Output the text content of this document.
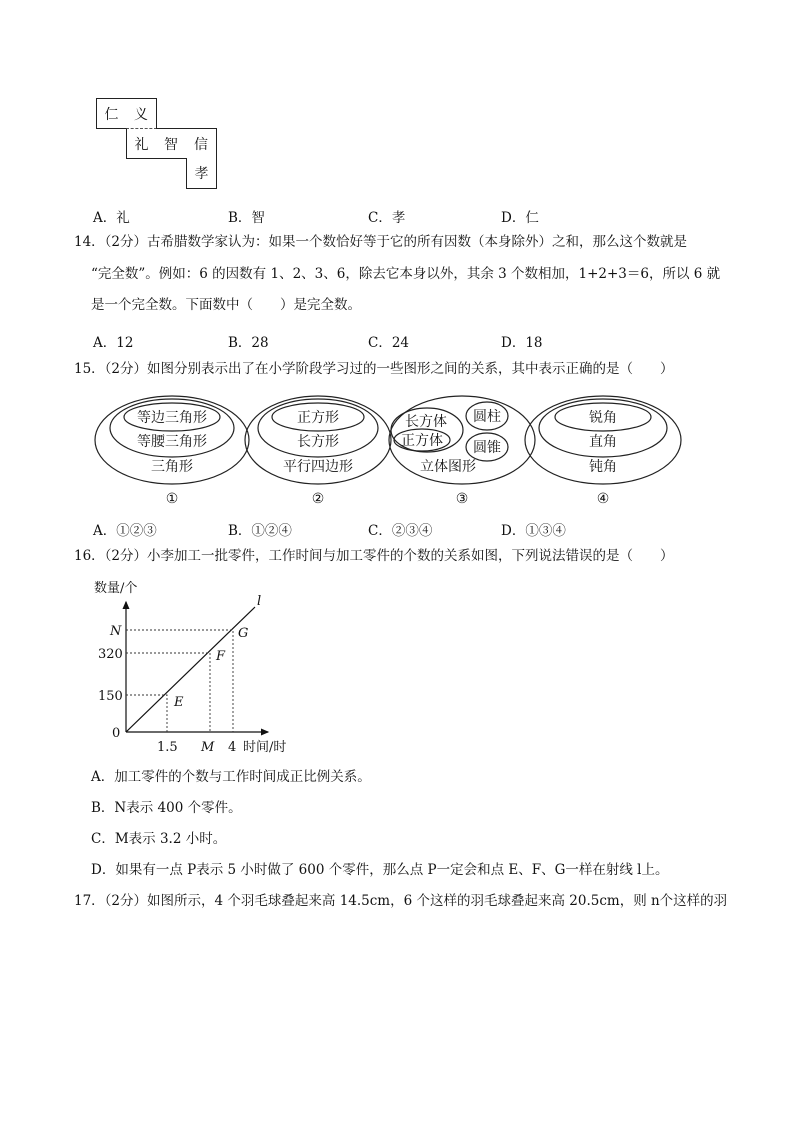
仁	义
礼	智	信
孝
A．礼	B．智	C．孝	D．仁
14．（2分）古希腊数学家认为：如果一个数恰好等于它的所有因数（本身除外）之和，那么这个数就是
“完全数”。例如：6 的因数有 1、2、3、6，除去它本身以外，其余 3 个数相加，1+2+3＝6，所以 6 就
是一个完全数。下面数中（　　）是完全数。
A．12	B．28	C．24	D．18
15．（2分）如图分别表示出了在小学阶段学习过的一些图形之间的关系，其中表示正确的是（　　）
等边三角形
等腰三角形
三角形
①
正方形
长方形
平行四边形
②
长方体
正方体
圆柱
圆锥
立体图形
③
锐角
直角
钝角
④
A．①②③	B．①②④	C．②③④	D．①③④
16．（2分）小李加工一批零件，工作时间与加工零件的个数的关系如图，下列说法错误的是（　　）
数量/个
l
N
320
150
0
1.5 M 4 时间/时
E
F
G
A．加工零件的个数与工作时间成正比例关系。
B．N表示 400 个零件。
C．M表示 3.2 小时。
D．如果有一点 P表示 5 小时做了 600 个零件，那么点 P一定会和点 E、F、G一样在射线 l上。
17．（2分）如图所示，4 个羽毛球叠起来高 14.5cm，6 个这样的羽毛球叠起来高 20.5cm，则 n个这样的羽
